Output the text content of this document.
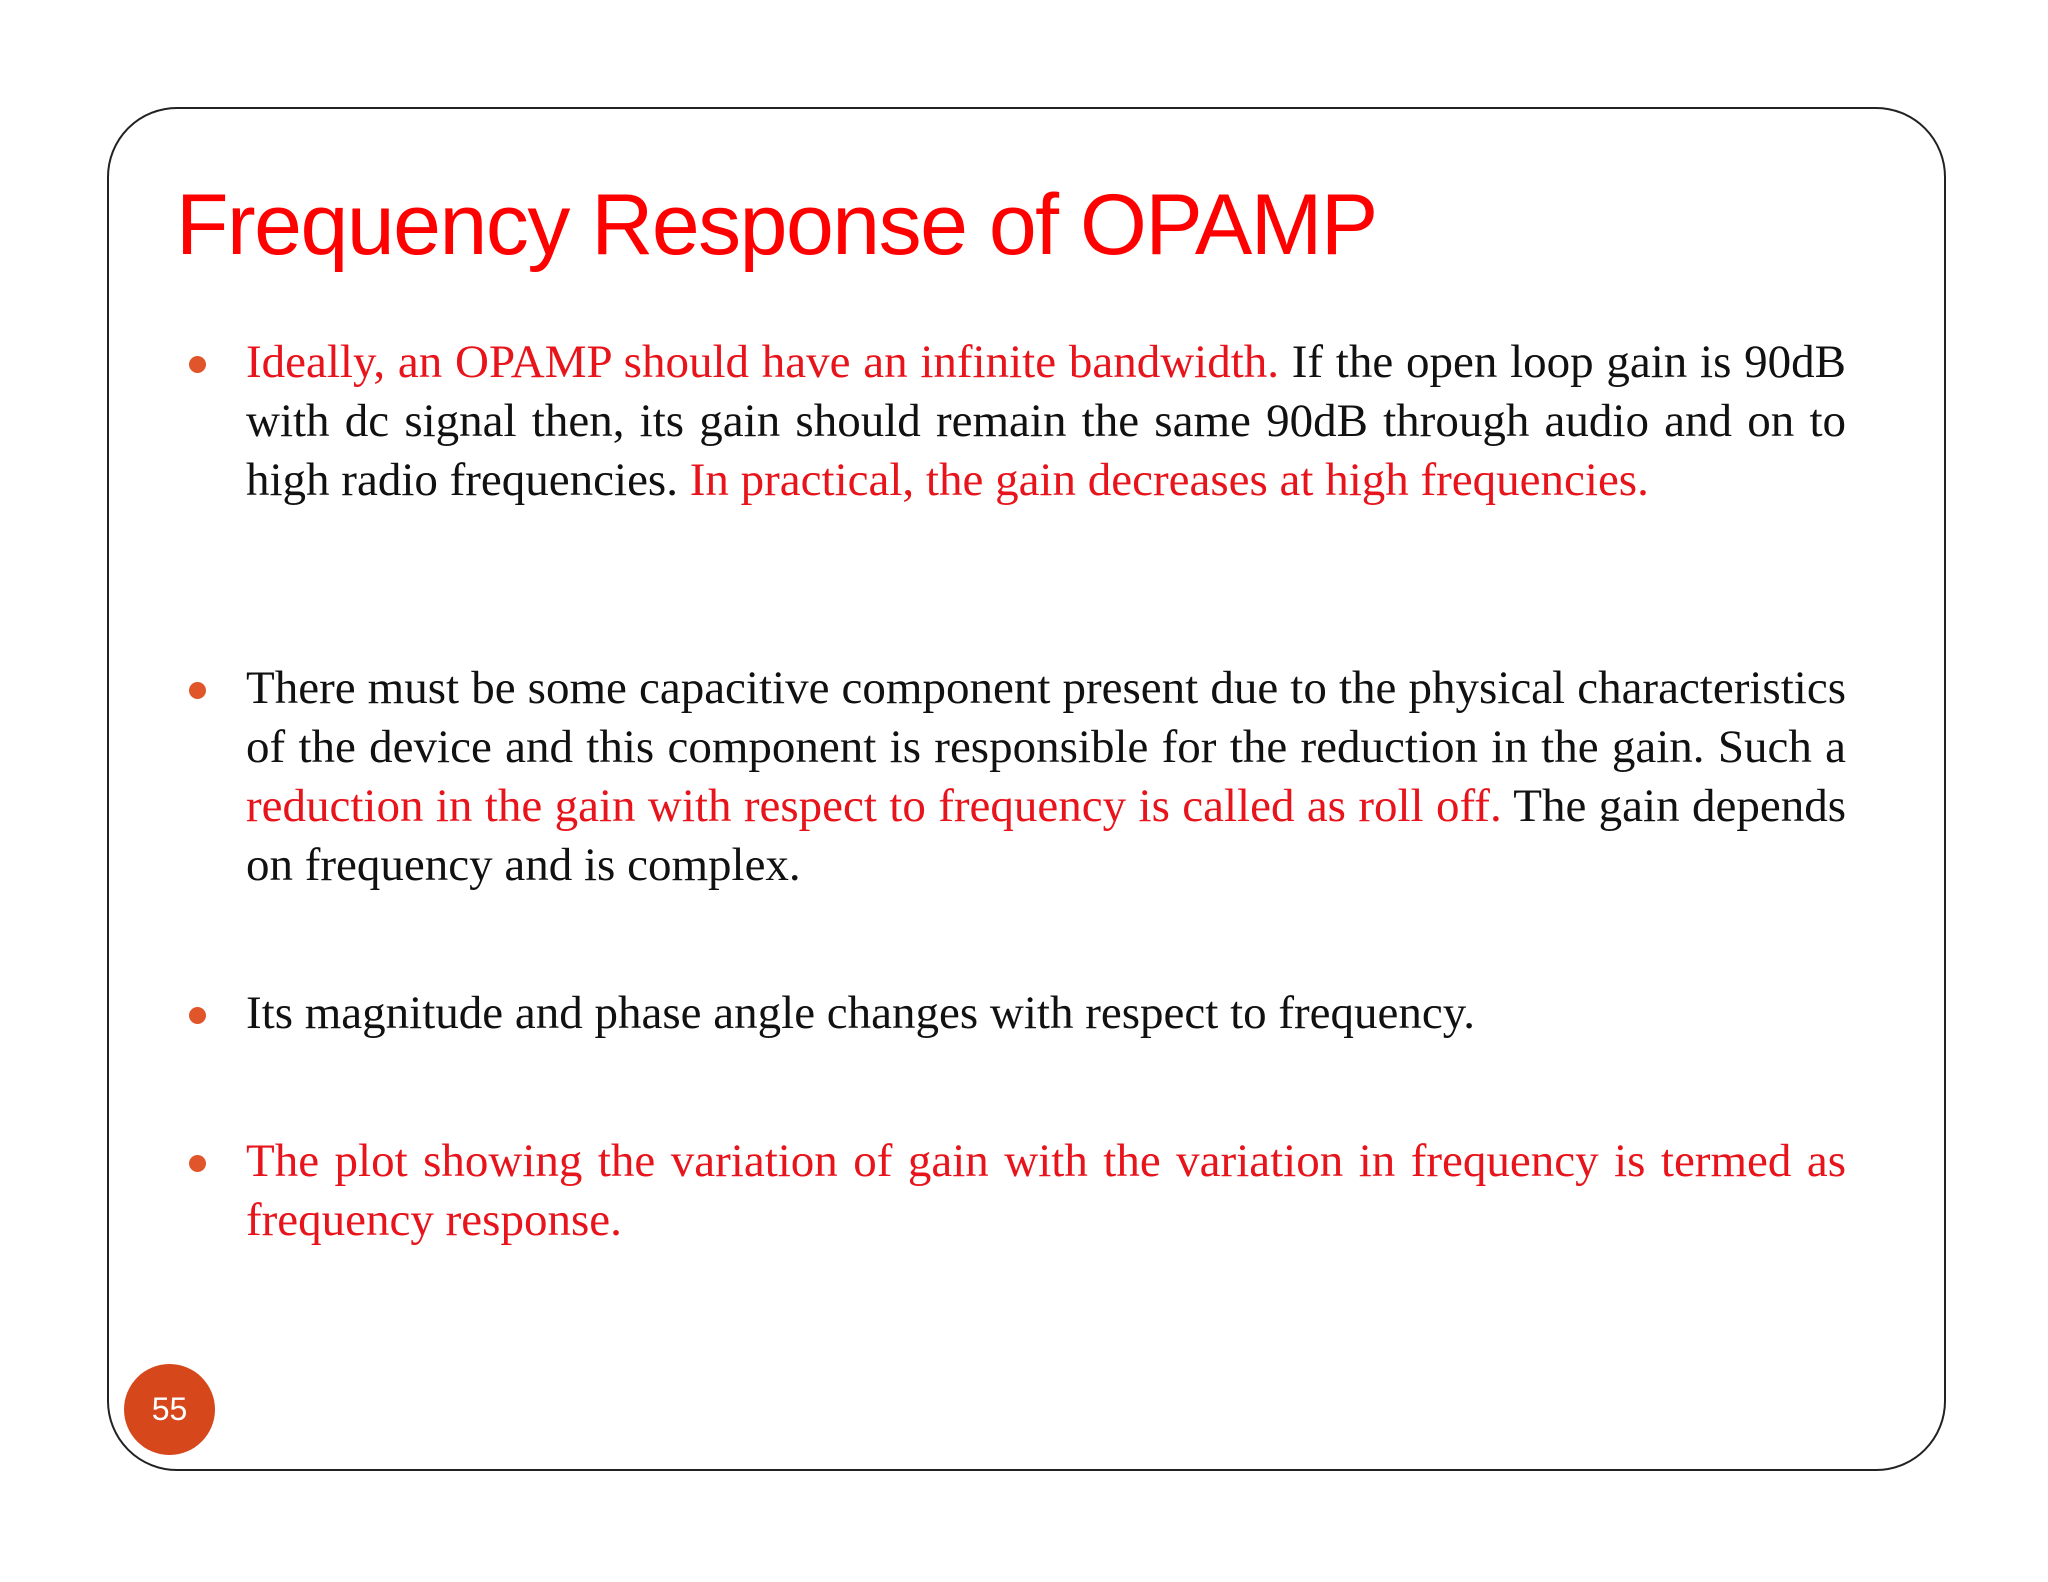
Frequency Response of OPAMP
Ideally, an OPAMP should have an infinite bandwidth. If the open loop gain is 90dB with dc signal then, its gain should remain the same 90dB through audio and on to high radio frequencies. In practical, the gain decreases at high frequencies.
There must be some capacitive component present due to the physical characteristics of the device and this component is responsible for the reduction in the gain. Such a reduction in the gain with respect to frequency is called as roll off. The gain depends on frequency and is complex.
Its magnitude and phase angle changes with respect to frequency.
The plot showing the variation of gain with the variation in frequency is termed as frequency response.
55
